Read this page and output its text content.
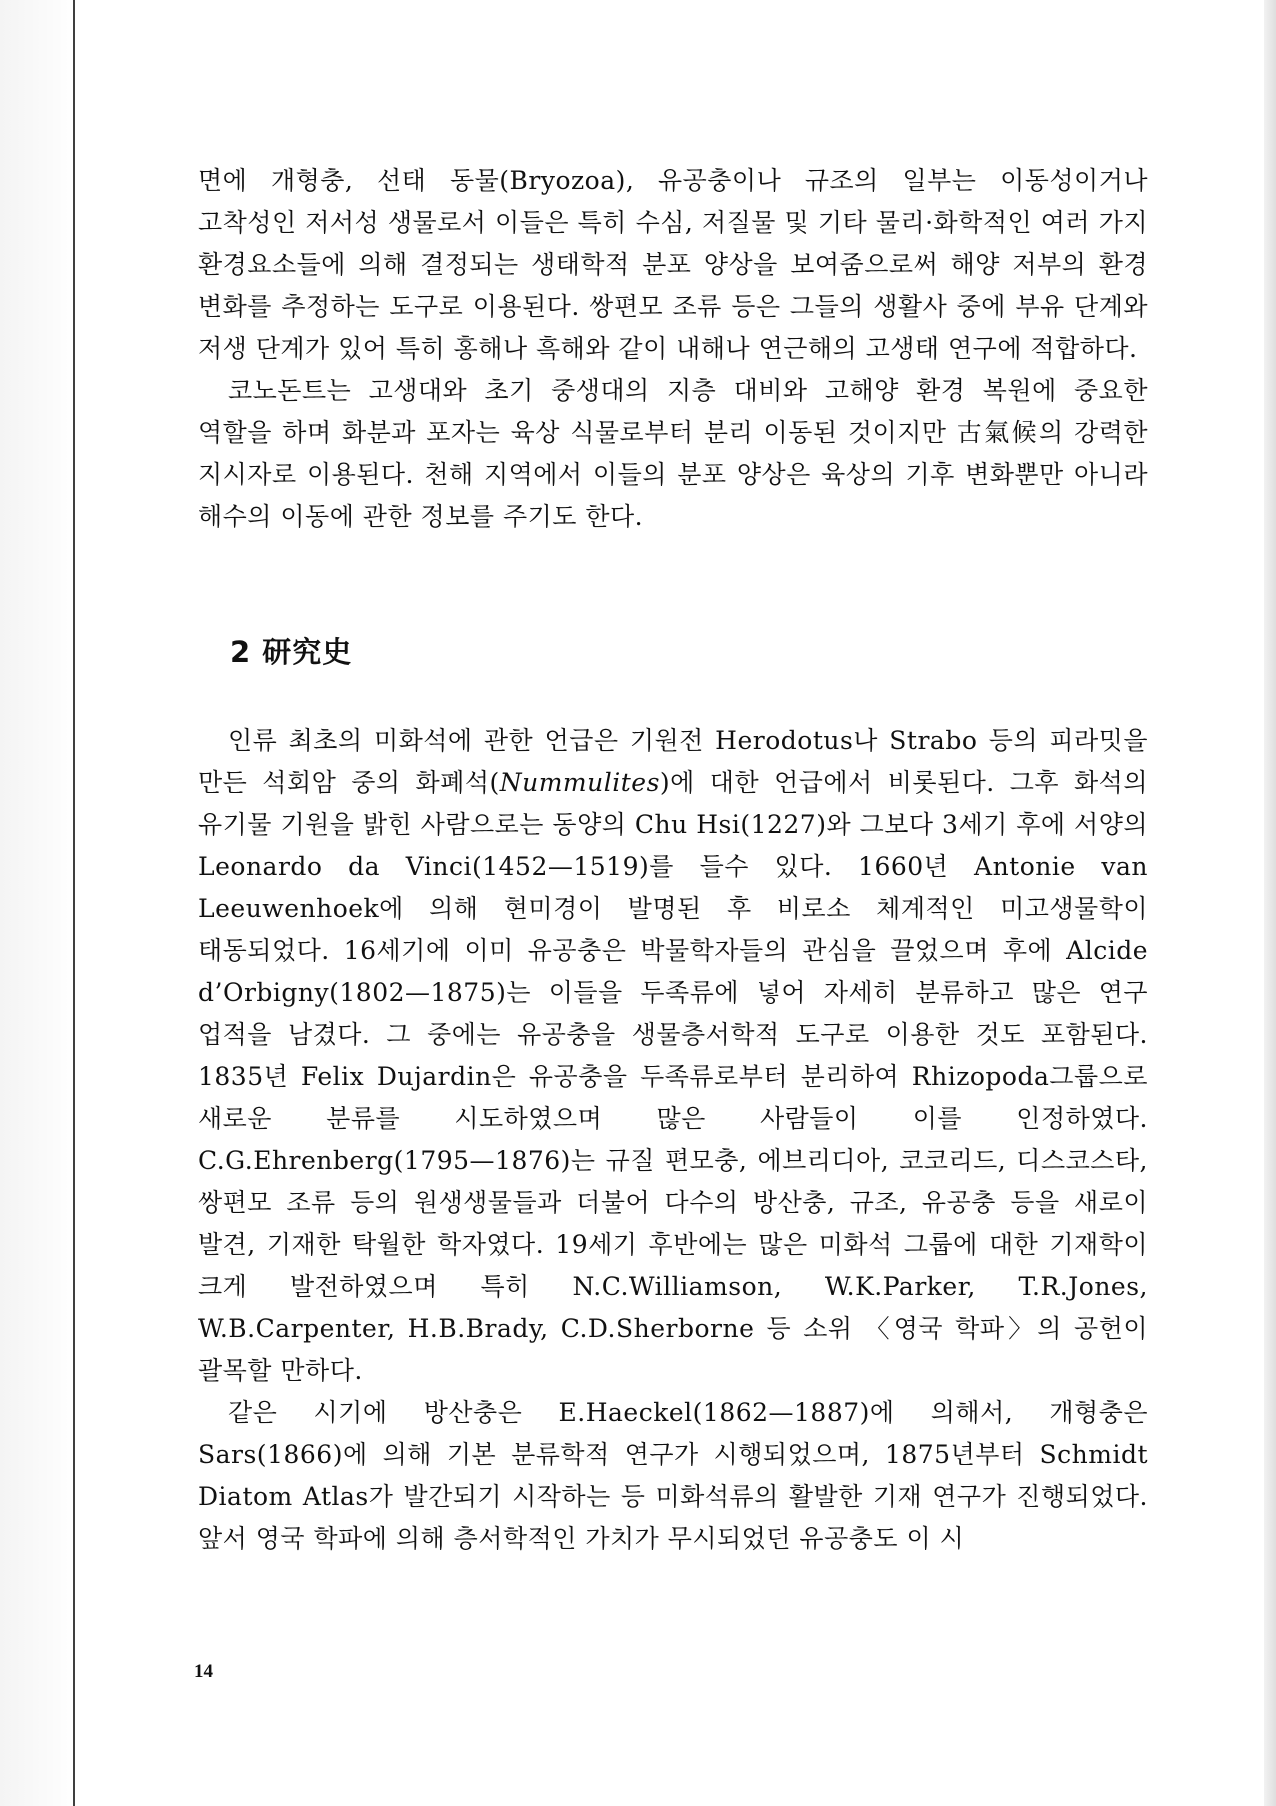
면에 개형충, 선태 동물(Bryozoa), 유공충이나 규조의 일부는 이동성이거나 고착성인 저서성 생물로서 이들은 특히 수심, 저질물 및 기타 물리·화학적인 여러 가지 환경요소들에 의해 결정되는 생태학적 분포 양상을 보여줌으로써 해양 저부의 환경 변화를 추정하는 도구로 이용된다. 쌍편모 조류 등은 그들의 생활사 중에 부유 단계와 저생 단계가 있어 특히 홍해나 흑해와 같이 내해나 연근해의 고생태 연구에 적합하다.

코노돈트는 고생대와 초기 중생대의 지층 대비와 고해양 환경 복원에 중요한 역할을 하며 화분과 포자는 육상 식물로부터 분리 이동된 것이지만 古氣候의 강력한 지시자로 이용된다. 천해 지역에서 이들의 분포 양상은 육상의 기후 변화뿐만 아니라 해수의 이동에 관한 정보를 주기도 한다.

2 研究史

인류 최초의 미화석에 관한 언급은 기원전 Herodotus나 Strabo 등의 피라밋을 만든 석회암 중의 화폐석(Nummulites)에 대한 언급에서 비롯된다. 그후 화석의 유기물 기원을 밝힌 사람으로는 동양의 Chu Hsi(1227)와 그보다 3세기 후에 서양의 Leonardo da Vinci(1452—1519)를 들수 있다. 1660년 Antonie van Leeuwenhoek에 의해 현미경이 발명된 후 비로소 체계적인 미고생물학이 태동되었다. 16세기에 이미 유공충은 박물학자들의 관심을 끌었으며 후에 Alcide d’Orbigny(1802—1875)는 이들을 두족류에 넣어 자세히 분류하고 많은 연구 업적을 남겼다. 그 중에는 유공충을 생물층서학적 도구로 이용한 것도 포함된다. 1835년 Felix Dujardin은 유공충을 두족류로부터 분리하여 Rhizopoda그룹으로 새로운 분류를 시도하였으며 많은 사람들이 이를 인정하였다. C.G.Ehrenberg(1795—1876)는 규질 편모충, 에브리디아, 코코리드, 디스코스타, 쌍편모 조류 등의 원생생물들과 더불어 다수의 방산충, 규조, 유공충 등을 새로이 발견, 기재한 탁월한 학자였다. 19세기 후반에는 많은 미화석 그룹에 대한 기재학이 크게 발전하였으며 특히 N.C.Williamson, W.K.Parker, T.R.Jones, W.B.Carpenter, H.B.Brady, C.D.Sherborne 등 소위 〈영국 학파〉의 공헌이 괄목할 만하다.

같은 시기에 방산충은 E.Haeckel(1862—1887)에 의해서, 개형충은 Sars(1866)에 의해 기본 분류학적 연구가 시행되었으며, 1875년부터 Schmidt Diatom Atlas가 발간되기 시작하는 등 미화석류의 활발한 기재 연구가 진행되었다. 앞서 영국 학파에 의해 층서학적인 가치가 무시되었던 유공충도 이 시

14
